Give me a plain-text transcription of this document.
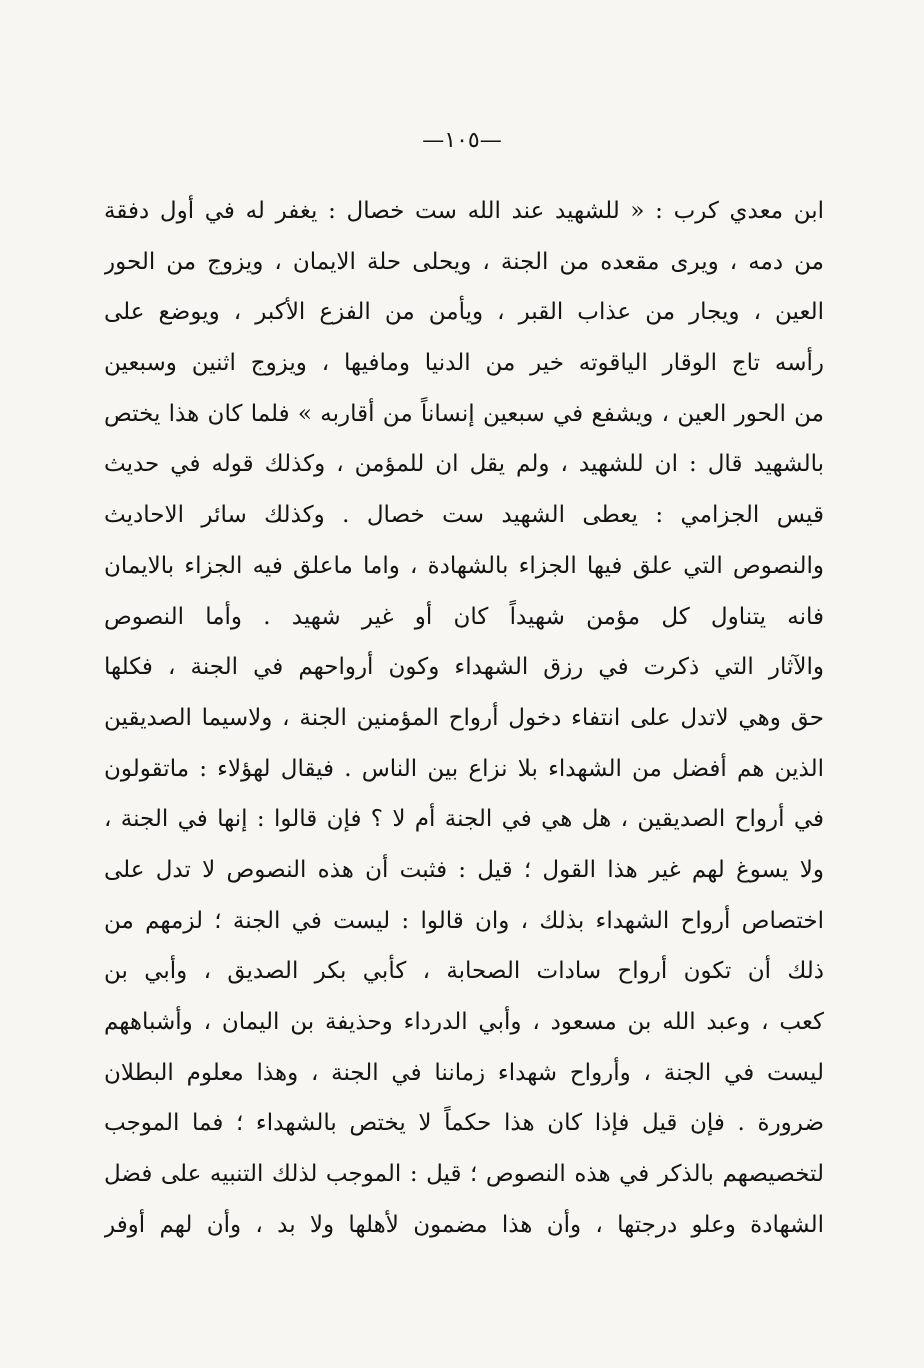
—١٠٥—
ابن معدي كرب : « للشهيد عند الله ست خصال : يغفر له في أول دفقة
من دمه ، ويرى مقعده من الجنة ، ويحلى حلة الايمان ، ويزوج من الحور
العين ، ويجار من عذاب القبر ، ويأمن من الفزع الأكبر ، ويوضع على
رأسه تاج الوقار الياقوته خير من الدنيا ومافيها ، ويزوج اثنين وسبعين
من الحور العين ، ويشفع في سبعين إنساناً من أقاربه » فلما كان هذا يختص
بالشهيد قال : ان للشهيد ، ولم يقل ان للمؤمن ، وكذلك قوله في حديث
قيس الجزامي : يعطى الشهيد ست خصال . وكذلك سائر الاحاديث
والنصوص التي علق فيها الجزاء بالشهادة ، واما ماعلق فيه الجزاء بالايمان
فانه يتناول كل مؤمن شهيداً كان أو غير شهيد . وأما النصوص
والآثار التي ذكرت في رزق الشهداء وكون أرواحهم في الجنة ، فكلها
حق وهي لاتدل على انتفاء دخول أرواح المؤمنين الجنة ، ولاسيما الصديقين
الذين هم أفضل من الشهداء بلا نزاع بين الناس . فيقال لهؤلاء : ماتقولون
في أرواح الصديقين ، هل هي في الجنة أم لا ؟ فإن قالوا : إنها في الجنة ،
ولا يسوغ لهم غير هذا القول ؛ قيل : فثبت أن هذه النصوص لا تدل على
اختصاص أرواح الشهداء بذلك ، وان قالوا : ليست في الجنة ؛ لزمهم من
ذلك أن تكون أرواح سادات الصحابة ، كأبي بكر الصديق ، وأبي بن
كعب ، وعبد الله بن مسعود ، وأبي الدرداء وحذيفة بن اليمان ، وأشباههم
ليست في الجنة ، وأرواح شهداء زماننا في الجنة ، وهذا معلوم البطلان
ضرورة . فإن قيل فإذا كان هذا حكماً لا يختص بالشهداء ؛ فما الموجب
لتخصيصهم بالذكر في هذه النصوص ؛ قيل : الموجب لذلك التنبيه على فضل
الشهادة وعلو درجتها ، وأن هذا مضمون لأهلها ولا بد ، وأن لهم أوفر
